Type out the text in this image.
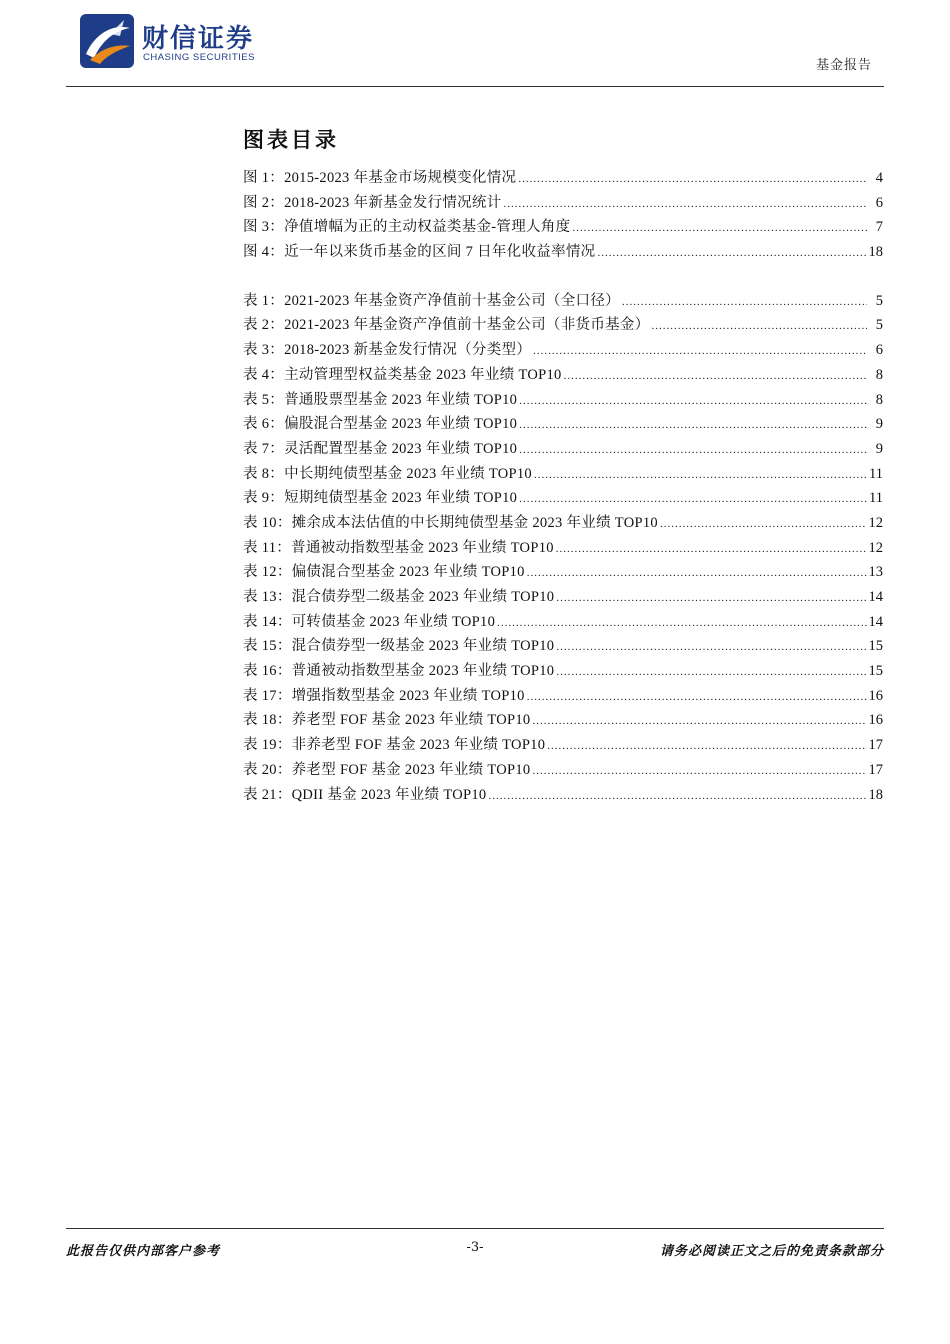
财信证券
CHASING SECURITIES
基金报告
图表目录
图 1：2015-2023 年基金市场规模变化情况 .....	4
图 2：2018-2023 年新基金发行情况统计 .....	6
图 3：净值增幅为正的主动权益类基金-管理人角度 .....	7
图 4：近一年以来货币基金的区间 7 日年化收益率情况 .....	18
表 1：2021-2023 年基金资产净值前十基金公司（全口径） .....	5
表 2：2021-2023 年基金资产净值前十基金公司（非货币基金） .....	5
表 3：2018-2023 新基金发行情况（分类型） .....	6
表 4：主动管理型权益类基金 2023 年业绩 TOP10 .....	8
表 5：普通股票型基金 2023 年业绩 TOP10 .....	8
表 6：偏股混合型基金 2023 年业绩 TOP10 .....	9
表 7：灵活配置型基金 2023 年业绩 TOP10 .....	9
表 8：中长期纯债型基金 2023 年业绩 TOP10 .....	11
表 9：短期纯债型基金 2023 年业绩 TOP10 .....	11
表 10：摊余成本法估值的中长期纯债型基金 2023 年业绩 TOP10 .....	12
表 11：普通被动指数型基金 2023 年业绩 TOP10 .....	12
表 12：偏债混合型基金 2023 年业绩 TOP10 .....	13
表 13：混合债券型二级基金 2023 年业绩 TOP10 .....	14
表 14：可转债基金 2023 年业绩 TOP10 .....	14
表 15：混合债券型一级基金 2023 年业绩 TOP10 .....	15
表 16：普通被动指数型基金 2023 年业绩 TOP10 .....	15
表 17：增强指数型基金 2023 年业绩 TOP10 .....	16
表 18：养老型 FOF 基金 2023 年业绩 TOP10 .....	16
表 19：非养老型 FOF 基金 2023 年业绩 TOP10 .....	17
表 20：养老型 FOF 基金 2023 年业绩 TOP10 .....	17
表 21：QDII 基金 2023 年业绩 TOP10 .....	18
此报告仅供内部客户参考	-3-	请务必阅读正文之后的免责条款部分
